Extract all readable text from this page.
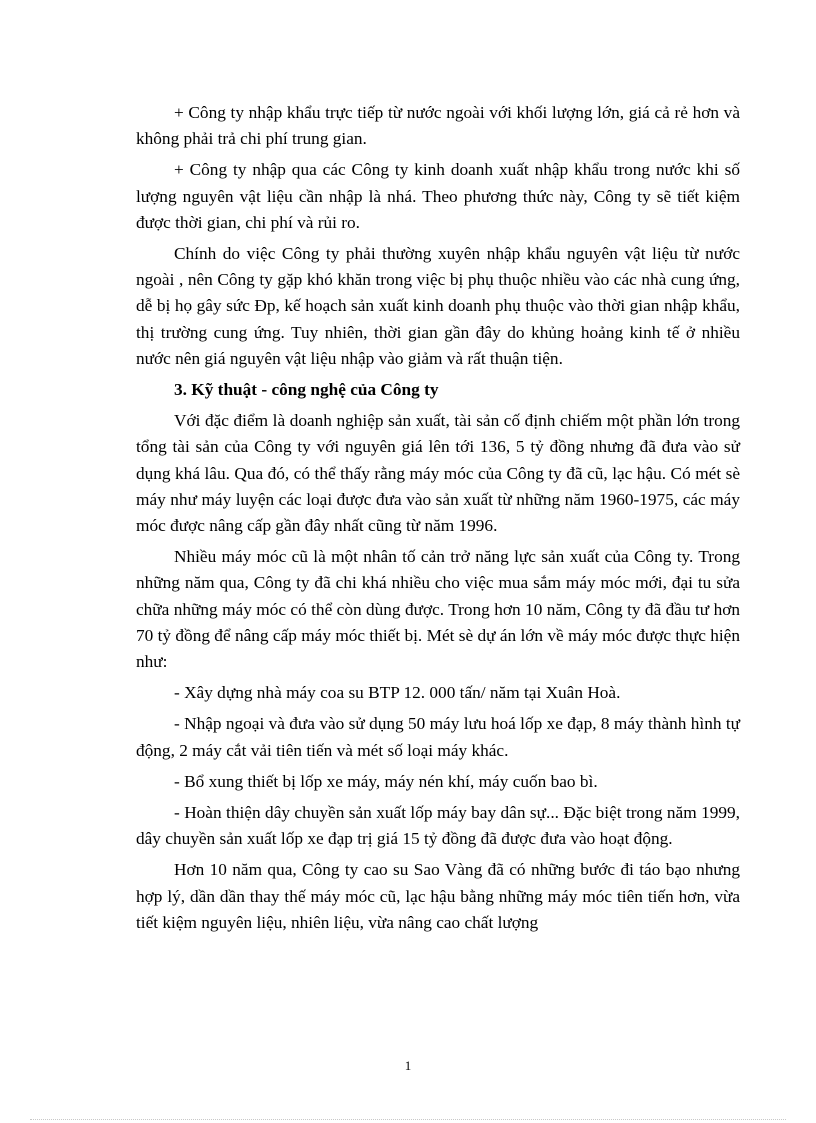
+ Công ty nhập khẩu trực tiếp từ nước ngoài với khối lượng lớn, giá cả rẻ hơn và không phải trả chi phí trung gian.

+ Công ty nhập qua các Công ty kinh doanh xuất nhập khẩu trong nước khi số lượng nguyên vật liệu cần nhập là nhá. Theo phương thức này, Công ty sẽ tiết kiệm được thời gian, chi phí và rủi ro.

Chính do việc Công ty phải thường xuyên nhập khẩu nguyên vật liệu từ nước ngoài , nên Công ty gặp khó khăn trong việc bị phụ thuộc nhiều vào các nhà cung ứng, dễ bị họ gây sức Ðp, kế hoạch sản xuất kinh doanh phụ thuộc vào thời gian nhập khẩu, thị trường cung ứng. Tuy nhiên, thời gian gần đây do khủng hoảng kinh tế ở nhiều nước nên giá nguyên vật liệu nhập vào giảm và rất thuận tiện.

3. Kỹ thuật - công nghệ của Công ty

Với đặc điểm là doanh nghiệp sản xuất, tài sản cố định chiếm một phần lớn trong tổng tài sản của Công ty với nguyên giá lên tới 136, 5 tỷ đồng nhưng đã đưa vào sử dụng khá lâu. Qua đó, có thể thấy rằng máy móc của Công ty đã cũ, lạc hậu. Có mét sè máy như máy luyện các loại được đưa vào sản xuất từ những năm 1960-1975, các máy móc được nâng cấp gần đây nhất cũng từ năm 1996.

Nhiều máy móc cũ là một nhân tố cản trở năng lực sản xuất của Công ty. Trong những năm qua, Công ty đã chi khá nhiều cho việc mua sắm máy móc mới, đại tu sửa chữa những máy móc có thể còn dùng được. Trong hơn 10 năm, Công ty đã đầu tư hơn 70 tỷ đồng để nâng cấp máy móc thiết bị. Mét sè dự án lớn về máy móc được thực hiện như:

- Xây dựng nhà máy coa su BTP 12. 000 tấn/ năm tại Xuân Hoà.

- Nhập ngoại và đưa vào sử dụng 50 máy lưu hoá lốp xe đạp, 8 máy thành hình tự động, 2 máy cắt vải tiên tiến và mét số loại máy khác.

- Bổ xung thiết bị lốp xe máy, máy nén khí, máy cuốn bao bì.

- Hoàn thiện dây chuyền sản xuất lốp máy bay dân sự... Đặc biệt trong năm 1999, dây chuyền sản xuất lốp xe đạp trị giá 15 tỷ đồng đã được đưa vào hoạt động.

Hơn 10 năm qua, Công ty cao su Sao Vàng đã có những bước đi táo bạo nhưng hợp lý, dần dần thay thế máy móc cũ, lạc hậu bằng những máy móc tiên tiến hơn, vừa tiết kiệm nguyên liệu, nhiên liệu, vừa nâng cao chất lượng

1
